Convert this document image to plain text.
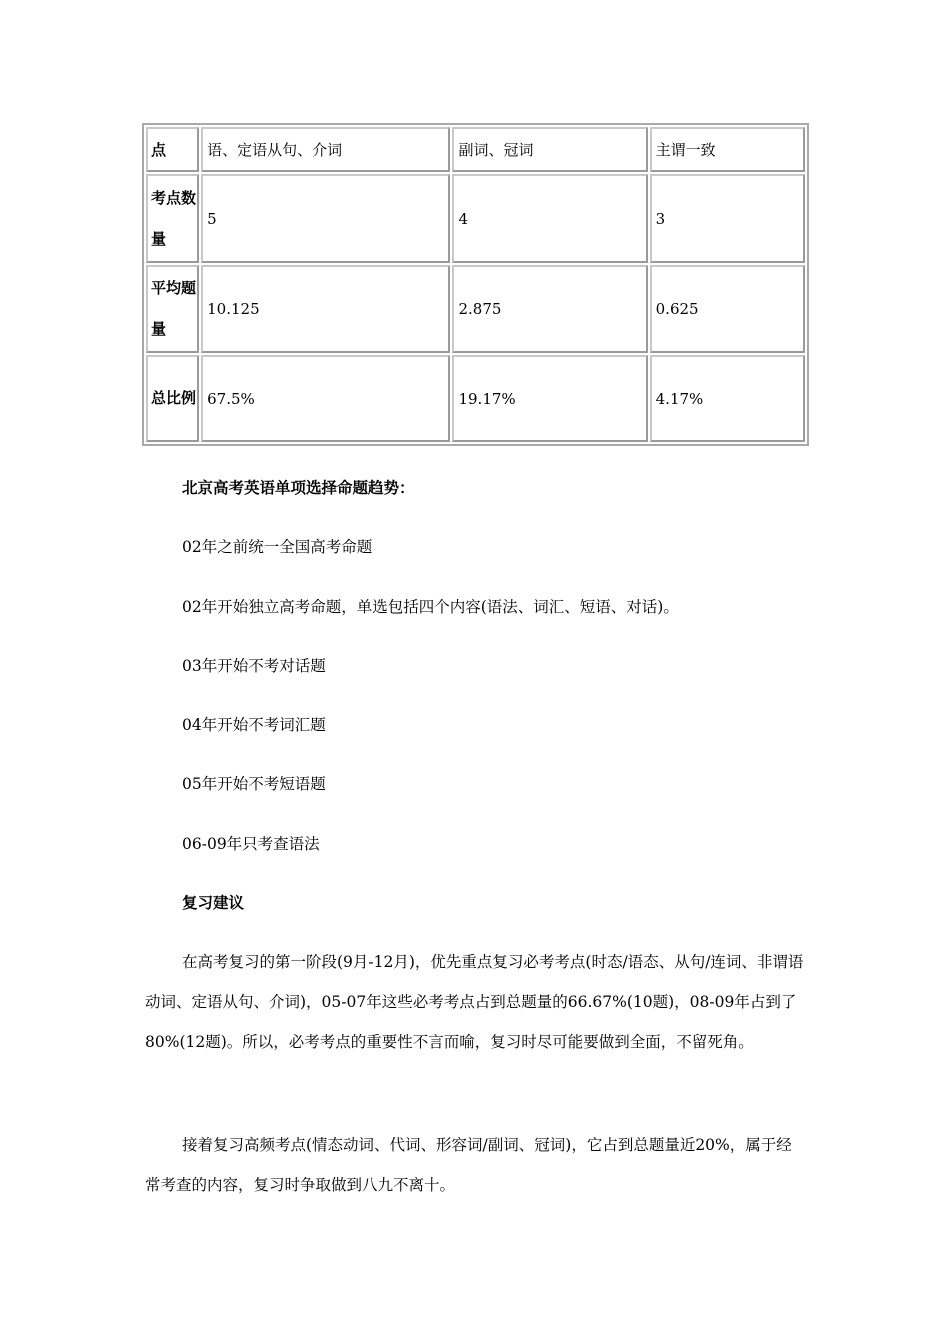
点	语、定语从句、介词	副词、冠词	主谓一致
考点数量	5	4	3
平均题量	10.125	2.875	0.625
总比例	67.5%	19.17%	4.17%

北京高考英语单项选择命题趋势：

02年之前统一全国高考命题

02年开始独立高考命题，单选包括四个内容(语法、词汇、短语、对话)。

03年开始不考对话题

04年开始不考词汇题

05年开始不考短语题

06-09年只考查语法

复习建议

在高考复习的第一阶段(9月-12月)，优先重点复习必考考点(时态/语态、从句/连词、非谓语动词、定语从句、介词)，05-07年这些必考考点占到总题量的66.67%(10题)，08-09年占到了80%(12题)。所以，必考考点的重要性不言而喻，复习时尽可能要做到全面，不留死角。

接着复习高频考点(情态动词、代词、形容词/副词、冠词)，它占到总题量近20%，属于经常考查的内容，复习时争取做到八九不离十。
